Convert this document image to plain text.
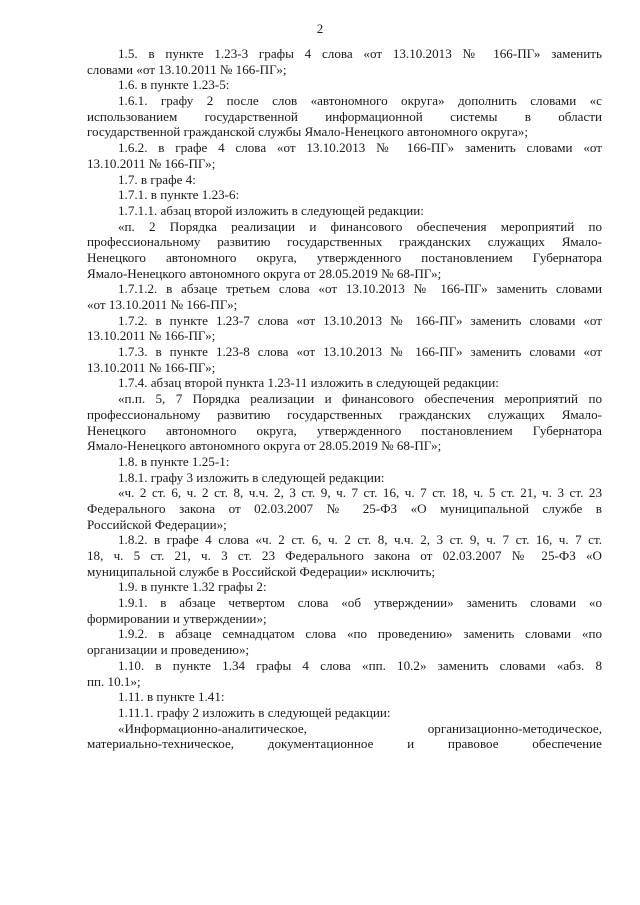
2
1.5. в пункте 1.23-3 графы 4 слова «от 13.10.2013 № 166-ПГ» заменить
словами «от 13.10.2011 № 166-ПГ»;
1.6. в пункте 1.23-5:
1.6.1. графу 2 после слов «автономного округа» дополнить словами «с
использованием государственной информационной системы в области
государственной гражданской службы Ямало-Ненецкого автономного округа»;
1.6.2. в графе 4 слова «от 13.10.2013 № 166-ПГ» заменить словами «от
13.10.2011 № 166-ПГ»;
1.7. в графе 4:
1.7.1. в пункте 1.23-6:
1.7.1.1. абзац второй изложить в следующей редакции:
«п. 2 Порядка реализации и финансового обеспечения мероприятий по
профессиональному развитию государственных гражданских служащих Ямало-
Ненецкого автономного округа, утвержденного постановлением Губернатора
Ямало-Ненецкого автономного округа от 28.05.2019 № 68-ПГ»;
1.7.1.2. в абзаце третьем слова «от 13.10.2013 № 166-ПГ» заменить словами
«от 13.10.2011 № 166-ПГ»;
1.7.2. в пункте 1.23-7 слова «от 13.10.2013 № 166-ПГ» заменить словами «от
13.10.2011 № 166-ПГ»;
1.7.3. в пункте 1.23-8 слова «от 13.10.2013 № 166-ПГ» заменить словами «от
13.10.2011 № 166-ПГ»;
1.7.4. абзац второй пункта 1.23-11 изложить в следующей редакции:
«п.п. 5, 7 Порядка реализации и финансового обеспечения мероприятий по
профессиональному развитию государственных гражданских служащих Ямало-
Ненецкого автономного округа, утвержденного постановлением Губернатора
Ямало-Ненецкого автономного округа от 28.05.2019 № 68-ПГ»;
1.8. в пункте 1.25-1:
1.8.1. графу 3 изложить в следующей редакции:
«ч. 2 ст. 6, ч. 2 ст. 8, ч.ч. 2, 3 ст. 9, ч. 7 ст. 16, ч. 7 ст. 18, ч. 5 ст. 21, ч. 3 ст. 23
Федерального закона от 02.03.2007 № 25-ФЗ «О муниципальной службе в
Российской Федерации»;
1.8.2. в графе 4 слова «ч. 2 ст. 6, ч. 2 ст. 8, ч.ч. 2, 3 ст. 9, ч. 7 ст. 16, ч. 7 ст.
18, ч. 5 ст. 21, ч. 3 ст. 23 Федерального закона от 02.03.2007 № 25-ФЗ «О
муниципальной службе в Российской Федерации» исключить;
1.9. в пункте 1.32 графы 2:
1.9.1. в абзаце четвертом слова «об утверждении» заменить словами «о
формировании и утверждении»;
1.9.2. в абзаце семнадцатом слова «по проведению» заменить словами «по
организации и проведению»;
1.10. в пункте 1.34 графы 4 слова «пп. 10.2» заменить словами «абз. 8
пп. 10.1»;
1.11. в пункте 1.41:
1.11.1. графу 2 изложить в следующей редакции:
«Информационно-аналитическое, организационно-методическое,
материально-техническое, документационное и правовое обеспечение
